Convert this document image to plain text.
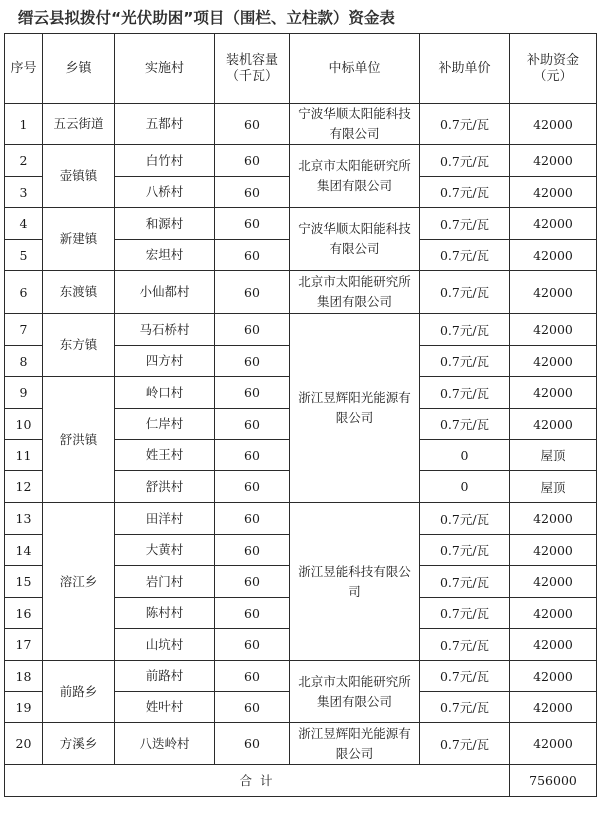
缙云县拟拨付“光伏助困”项目（围栏、立柱款）资金表
序号	乡镇	实施村	装机容量（千瓦）	中标单位	补助单价	补助资金（元）
1	五云街道	五都村	60	宁波华顺太阳能科技有限公司	0.7元/瓦	42000
2	壶镇镇	白竹村	60	北京市太阳能研究所集团有限公司	0.7元/瓦	42000
3		八桥村	60		0.7元/瓦	42000
4	新建镇	和源村	60	宁波华顺太阳能科技有限公司	0.7元/瓦	42000
5		宏坦村	60		0.7元/瓦	42000
6	东渡镇	小仙都村	60	北京市太阳能研究所集团有限公司	0.7元/瓦	42000
7	东方镇	马石桥村	60	浙江昱辉阳光能源有限公司	0.7元/瓦	42000
8		四方村	60		0.7元/瓦	42000
9	舒洪镇	岭口村	60		0.7元/瓦	42000
10		仁岸村	60		0.7元/瓦	42000
11		姓王村	60		0	屋顶
12		舒洪村	60		0	屋顶
13	溶江乡	田洋村	60	浙江昱能科技有限公司	0.7元/瓦	42000
14		大黄村	60		0.7元/瓦	42000
15		岩门村	60		0.7元/瓦	42000
16		陈村村	60		0.7元/瓦	42000
17		山坑村	60		0.7元/瓦	42000
18	前路乡	前路村	60	北京市太阳能研究所集团有限公司	0.7元/瓦	42000
19		姓叶村	60		0.7元/瓦	42000
20	方溪乡	八迭岭村	60	浙江昱辉阳光能源有限公司	0.7元/瓦	42000
合 计						756000
